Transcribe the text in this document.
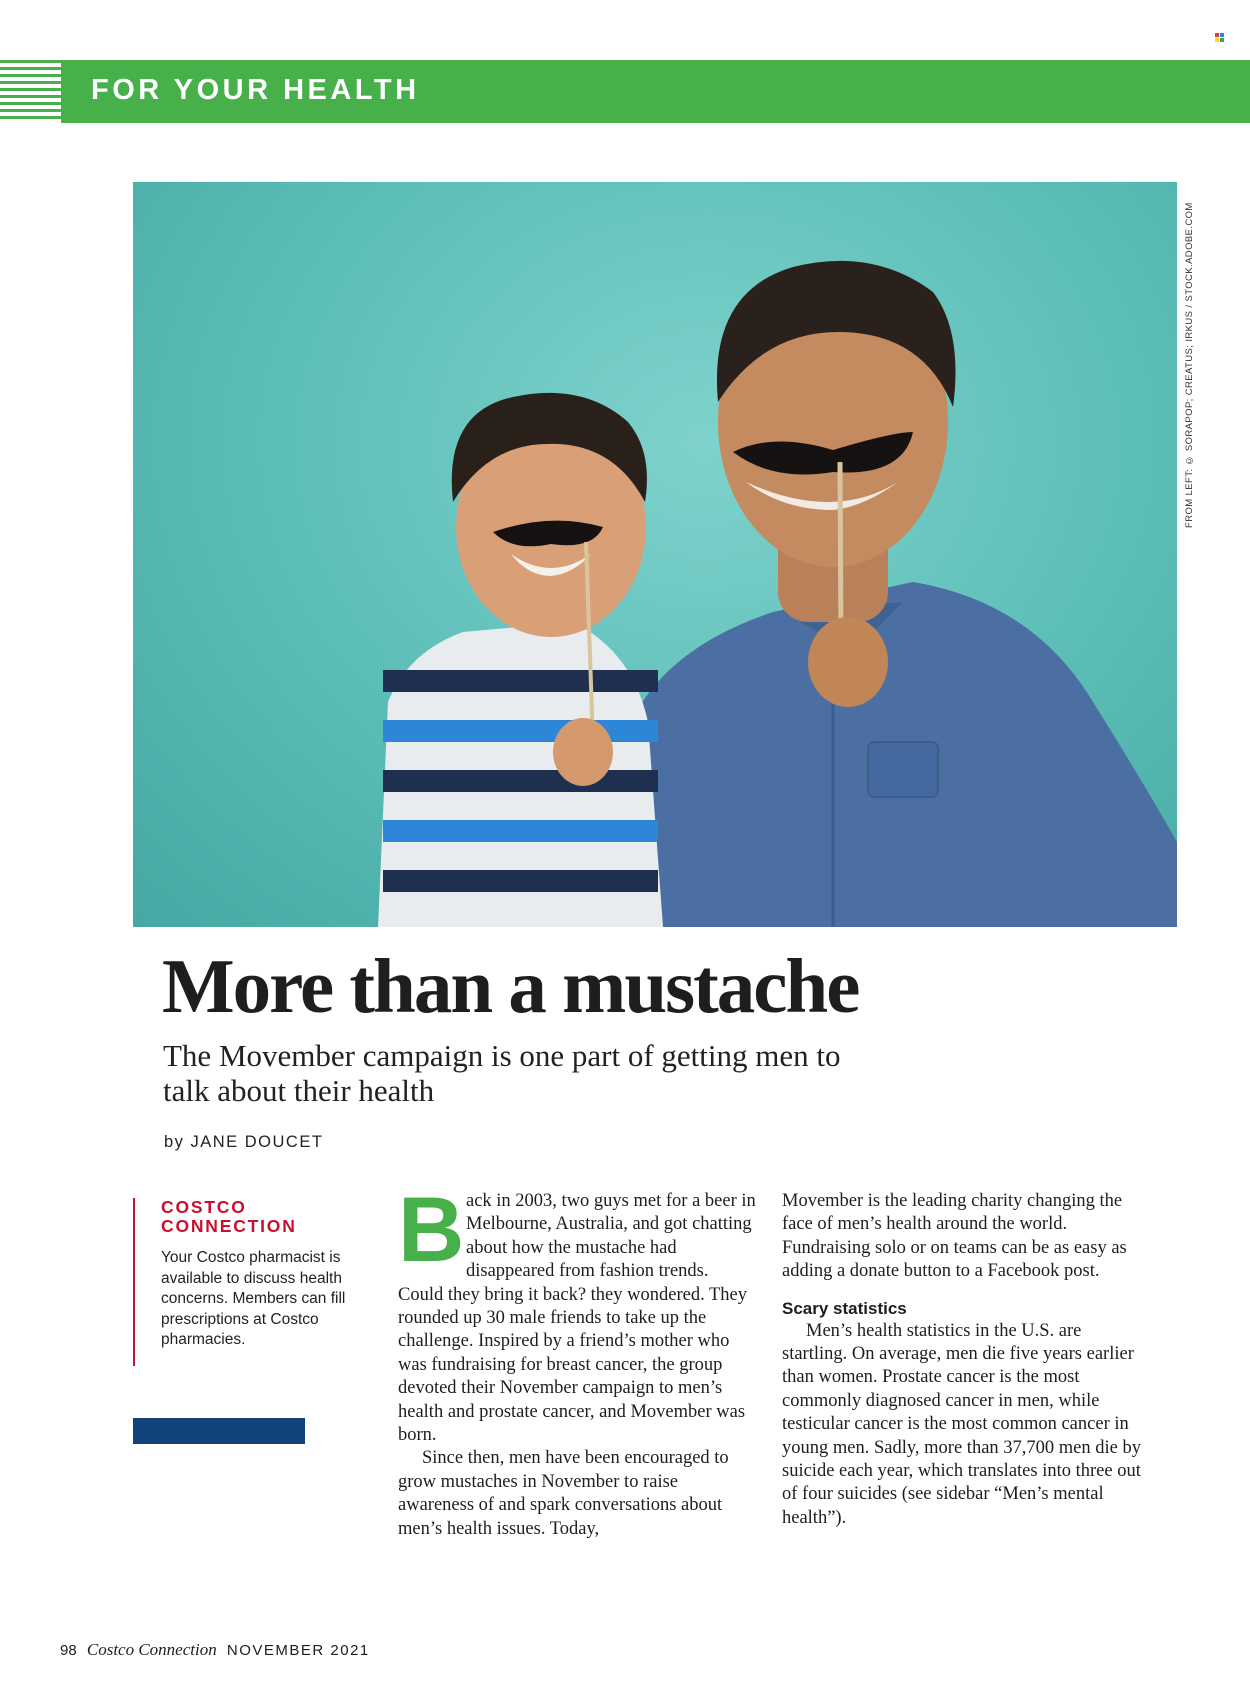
FOR YOUR HEALTH
FROM LEFT: © SORAPOP; CREATUS; IRKUS / STOCK.ADOBE.COM
More than a mustache

The Movember campaign is one part of getting men to talk about their health

by JANE DOUCET

COSTCO
CONNECTION

Your Costco pharmacist is available to discuss health concerns. Members can fill prescriptions at Costco pharmacies.

B ack in 2003, two guys met for a beer in Melbourne, Australia, and got chatting about how the mustache had disappeared from fashion trends. Could they bring it back? they wondered. They rounded up 30 male friends to take up the challenge. Inspired by a friend’s mother who was fundraising for breast cancer, the group devoted their November campaign to men’s health and prostate cancer, and Movember was born.

Since then, men have been encouraged to grow mustaches in November to raise awareness of and spark conversations about men’s health issues. Today,

Movember is the leading charity changing the face of men’s health around the world. Fundraising solo or on teams can be as easy as adding a donate button to a Facebook post.

Scary statistics

Men’s health statistics in the U.S. are startling. On average, men die five years earlier than women. Prostate cancer is the most commonly diagnosed cancer in men, while testicular cancer is the most common cancer in young men. Sadly, more than 37,700 men die by suicide each year, which translates into three out of four suicides (see sidebar “Men’s mental health”).

98 Costco Connection NOVEMBER 2021
